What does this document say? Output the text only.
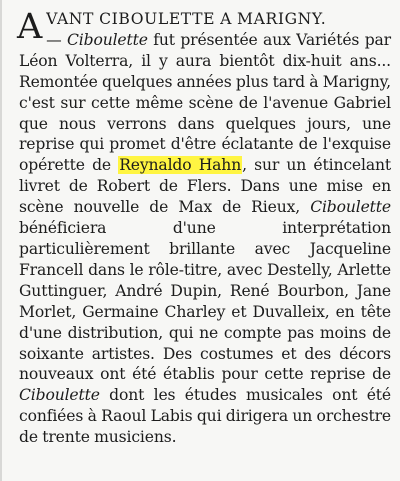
AVANT CIBOULETTE A MARIGNY.
— Ciboulette fut présentée aux Variétés par Léon Volterra, il y aura bientôt dix-huit ans... Remontée quelques années plus tard à Marigny, c'est sur cette même scène de l'avenue Gabriel que nous verrons dans quelques jours, une reprise qui promet d'être éclatante de l'exquise opérette de Reynaldo Hahn, sur un étincelant livret de Robert de Flers. Dans une mise en scène nouvelle de Max de Rieux, Ciboulette bénéficiera d'une interprétation particulièrement brillante avec Jacqueline Francell dans le rôle-titre, avec Destelly, Arlette Guttinguer, André Dupin, René Bourbon, Jane Morlet, Germaine Charley et Duvalleix, en tête d'une distribution, qui ne compte pas moins de soixante artistes. Des costumes et des décors nouveaux ont été établis pour cette reprise de Ciboulette dont les études musicales ont été confiées à Raoul Labis qui dirigera un orchestre de trente musiciens.
